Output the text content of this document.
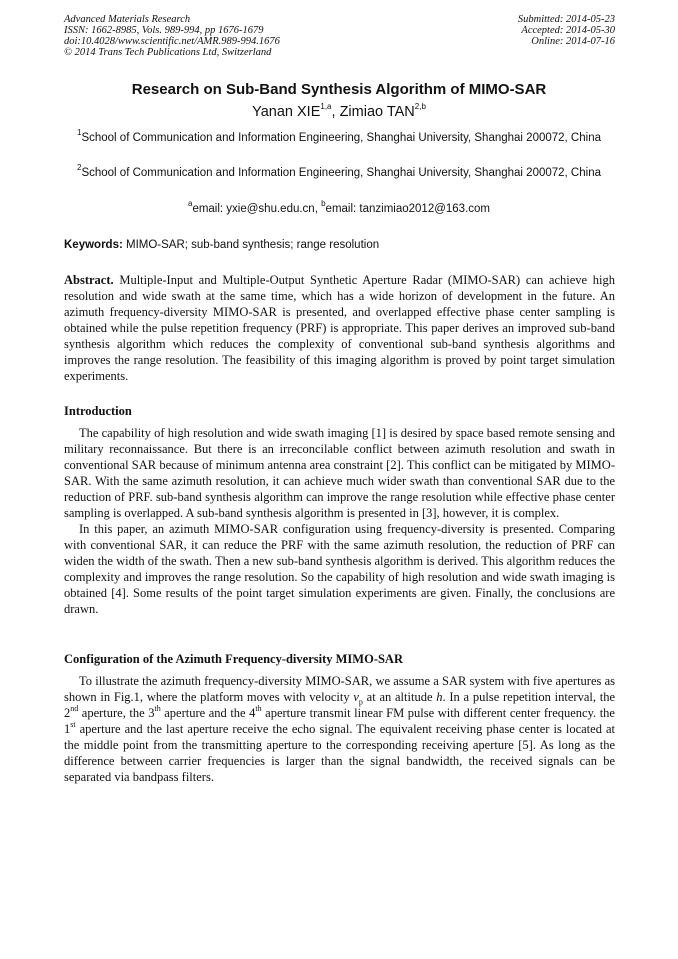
Advanced Materials Research
ISSN: 1662-8985, Vols. 989-994, pp 1676-1679
doi:10.4028/www.scientific.net/AMR.989-994.1676
© 2014 Trans Tech Publications Ltd, Switzerland
Submitted: 2014-05-23
Accepted: 2014-05-30
Online: 2014-07-16
Research on Sub-Band Synthesis Algorithm of MIMO-SAR
Yanan XIE$^{1,a}$, Zimiao TAN$^{2,b}$
$^1$School of Communication and Information Engineering, Shanghai University, Shanghai 200072, China
$^2$School of Communication and Information Engineering, Shanghai University, Shanghai 200072, China
$^a$email: yxie@shu.edu.cn, $^b$email: tanzimiao2012@163.com
Keywords: MIMO-SAR; sub-band synthesis; range resolution
Abstract. Multiple-Input and Multiple-Output Synthetic Aperture Radar (MIMO-SAR) can achieve high resolution and wide swath at the same time, which has a wide horizon of development in the future. An azimuth frequency-diversity MIMO-SAR is presented, and overlapped effective phase center sampling is obtained while the pulse repetition frequency (PRF) is appropriate. This paper derives an improved sub-band synthesis algorithm which reduces the complexity of conventional sub-band synthesis algorithms and improves the range resolution. The feasibility of this imaging algorithm is proved by point target simulation experiments.
Introduction

The capability of high resolution and wide swath imaging [1] is desired by space based remote sensing and military reconnaissance. But there is an irreconcilable conflict between azimuth resolution and swath in conventional SAR because of minimum antenna area constraint [2]. This conflict can be mitigated by MIMO-SAR. With the same azimuth resolution, it can achieve much wider swath than conventional SAR due to the reduction of PRF. sub-band synthesis algorithm can improve the range resolution while effective phase center sampling is overlapped. A sub-band synthesis algorithm is presented in [3], however, it is complex.

In this paper, an azimuth MIMO-SAR configuration using frequency-diversity is presented. Comparing with conventional SAR, it can reduce the PRF with the same azimuth resolution, the reduction of PRF can widen the width of the swath. Then a new sub-band synthesis algorithm is derived. This algorithm reduces the complexity and improves the range resolution. So the capability of high resolution and wide swath imaging is obtained [4]. Some results of the point target simulation experiments are given. Finally, the conclusions are drawn.

Configuration of the Azimuth Frequency-diversity MIMO-SAR

To illustrate the azimuth frequency-diversity MIMO-SAR, we assume a SAR system with five apertures as shown in Fig.1, where the platform moves with velocity $v_p$ at an altitude h. In a pulse repetition interval, the 2nd aperture, the 3th aperture and the 4th aperture transmit linear FM pulse with different center frequency. the 1st aperture and the last aperture receive the echo signal. The equivalent receiving phase center is located at the middle point from the transmitting aperture to the corresponding receiving aperture [5]. As long as the difference between carrier frequencies is larger than the signal bandwidth, the received signals can be separated via bandpass filters.
